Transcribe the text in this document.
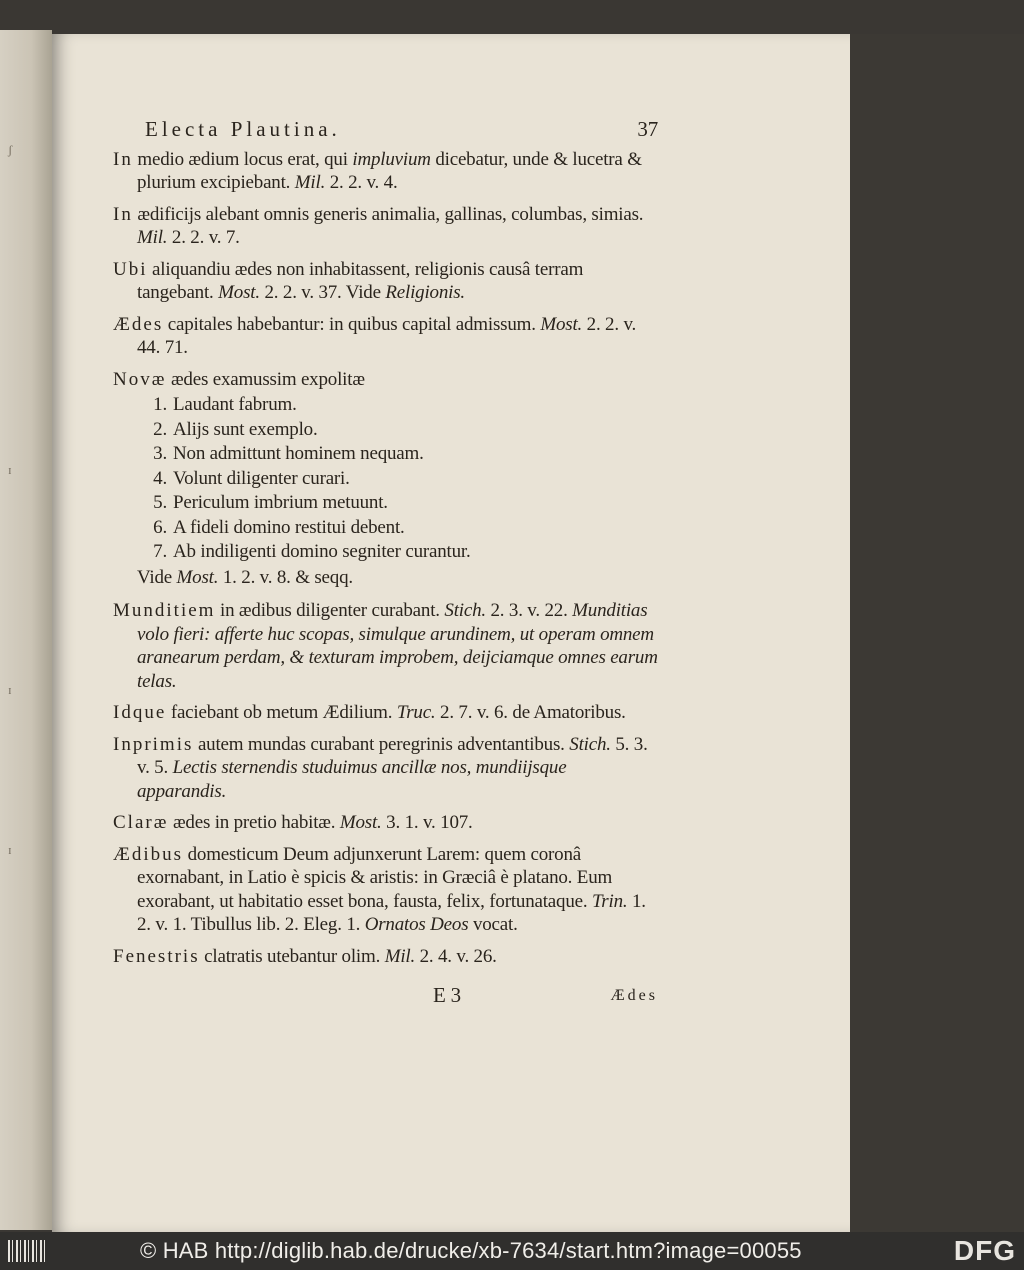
ʃ
ɪ
ɪ
ɪ
Electa Plautina.	37
In medio ædium locus erat, qui impluvium dicebatur, unde & lucetra & plurium excipiebant. Mil. 2. 2. v. 4.
In ædificijs alebant omnis generis animalia, gallinas, columbas, simias. Mil. 2. 2. v. 7.
Ubi aliquandiu ædes non inhabitassent, religionis causâ terram tangebant. Most. 2. 2. v. 37. Vide Religionis.
Ædes capitales habebantur: in quibus capital admissum. Most. 2. 2. v. 44. 71.
Novæ ædes examussim expolitæ
1. Laudant fabrum.
2. Alijs sunt exemplo.
3. Non admittunt hominem nequam.
4. Volunt diligenter curari.
5. Periculum imbrium metuunt.
6. A fideli domino restitui debent.
7. Ab indiligenti domino segniter curantur.
Vide Most. 1. 2. v. 8. & seqq.
Munditiem in ædibus diligenter curabant. Stich. 2. 3. v. 22. Munditias volo fieri: afferte huc scopas, simulque arundinem, ut operam omnem aranearum perdam, & texturam improbem, deijciamque omnes earum telas.
Idque faciebant ob metum Ædilium. Truc. 2. 7. v. 6. de Amatoribus.
Inprimis autem mundas curabant peregrinis adventantibus. Stich. 5. 3. v. 5. Lectis sternendis studuimus ancillæ nos, mundiijsque apparandis.
Claræ ædes in pretio habitæ. Most. 3. 1. v. 107.
Ædibus domesticum Deum adjunxerunt Larem: quem coronâ exornabant, in Latio è spicis & aristis: in Græciâ è platano. Eum exorabant, ut habitatio esset bona, fausta, felix, fortunataque. Trin. 1. 2. v. 1. Tibullus lib. 2. Eleg. 1. Ornatos Deos vocat.
Fenestris clatratis utebantur olim. Mil. 2. 4. v. 26.
E 3	Ædes
© HAB http://diglib.hab.de/drucke/xb-7634/start.htm?image=00055	DFG
